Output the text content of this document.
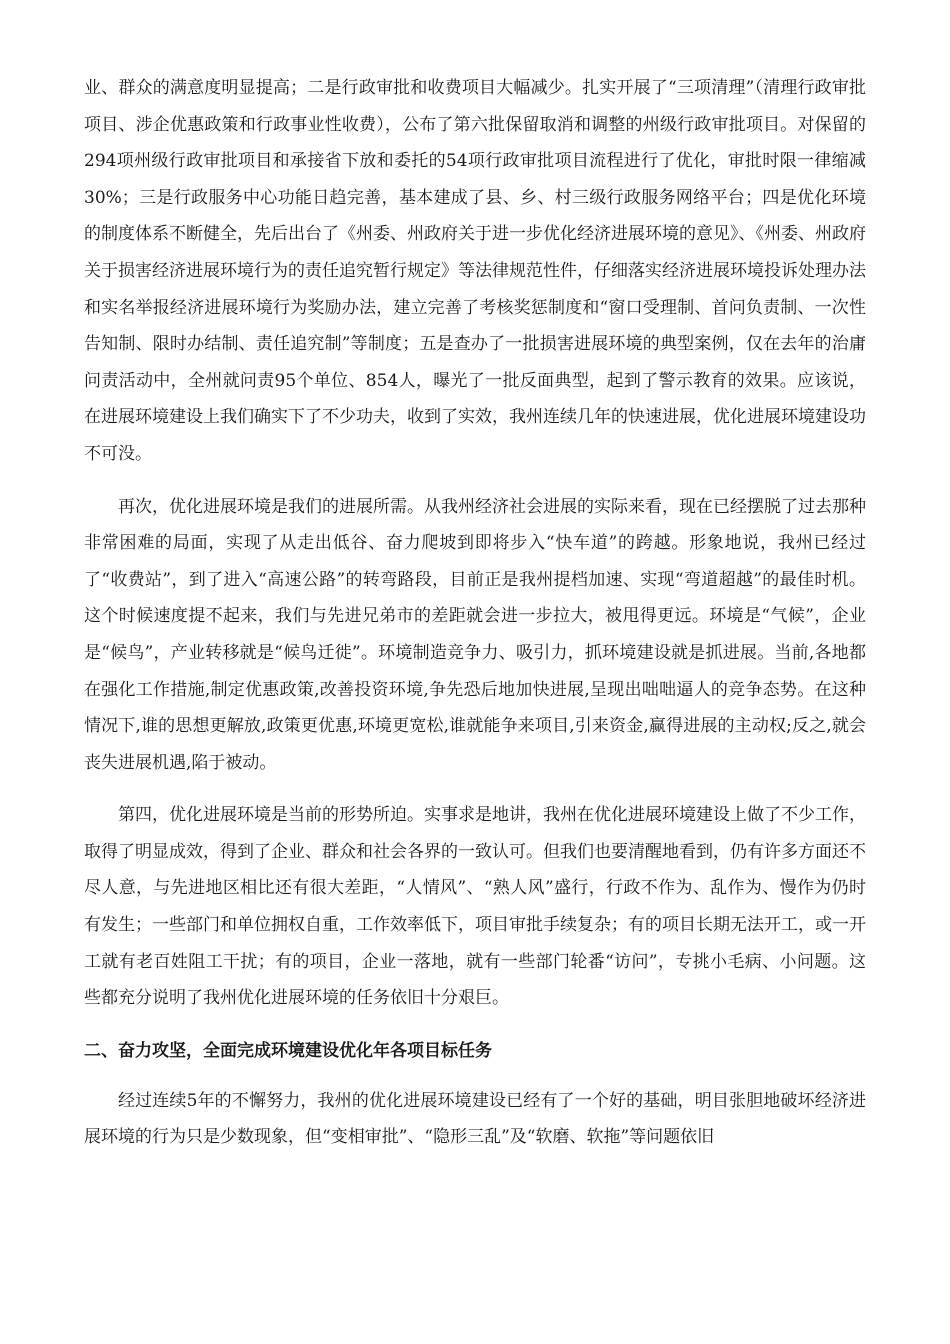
业、群众的满意度明显提高；二是行政审批和收费项目大幅减少。扎实开展了“三项清理”（清理行政审批项目、涉企优惠政策和行政事业性收费），公布了第六批保留取消和调整的州级行政审批项目。对保留的294项州级行政审批项目和承接省下放和委托的54项行政审批项目流程进行了优化，审批时限一律缩减30%；三是行政服务中心功能日趋完善，基本建成了县、乡、村三级行政服务网络平台；四是优化环境的制度体系不断健全，先后出台了《州委、州政府关于进一步优化经济进展环境的意见》、《州委、州政府关于损害经济进展环境行为的责任追究暂行规定》等法律规范性件，仔细落实经济进展环境投诉处理办法和实名举报经济进展环境行为奖励办法，建立完善了考核奖惩制度和“窗口受理制、首问负责制、一次性告知制、限时办结制、责任追究制”等制度；五是查办了一批损害进展环境的典型案例，仅在去年的治庸问责活动中，全州就问责95个单位、854人，曝光了一批反面典型，起到了警示教育的效果。应该说，在进展环境建设上我们确实下了不少功夫，收到了实效，我州连续几年的快速进展，优化进展环境建设功不可没。

再次，优化进展环境是我们的进展所需。从我州经济社会进展的实际来看，现在已经摆脱了过去那种非常困难的局面，实现了从走出低谷、奋力爬坡到即将步入“快车道”的跨越。形象地说，我州已经过了“收费站”，到了进入“高速公路”的转弯路段，目前正是我州提档加速、实现“弯道超越”的最佳时机。这个时候速度提不起来，我们与先进兄弟市的差距就会进一步拉大，被甩得更远。环境是“气候”，企业是“候鸟”，产业转移就是“候鸟迁徙”。环境制造竞争力、吸引力，抓环境建设就是抓进展。当前,各地都在强化工作措施,制定优惠政策,改善投资环境,争先恐后地加快进展,呈现出咄咄逼人的竞争态势。在这种情况下,谁的思想更解放,政策更优惠,环境更宽松,谁就能争来项目,引来资金,赢得进展的主动权;反之,就会丧失进展机遇,陷于被动。

第四，优化进展环境是当前的形势所迫。实事求是地讲，我州在优化进展环境建设上做了不少工作，取得了明显成效，得到了企业、群众和社会各界的一致认可。但我们也要清醒地看到，仍有许多方面还不尽人意，与先进地区相比还有很大差距，“人情风”、“熟人风”盛行，行政不作为、乱作为、慢作为仍时有发生；一些部门和单位拥权自重，工作效率低下，项目审批手续复杂；有的项目长期无法开工，或一开工就有老百姓阻工干扰；有的项目，企业一落地，就有一些部门轮番“访问”，专挑小毛病、小问题。这些都充分说明了我州优化进展环境的任务依旧十分艰巨。

二、奋力攻坚，全面完成环境建设优化年各项目标任务

经过连续5年的不懈努力，我州的优化进展环境建设已经有了一个好的基础，明目张胆地破坏经济进展环境的行为只是少数现象，但“变相审批”、“隐形三乱”及“软磨、软拖”等问题依旧
